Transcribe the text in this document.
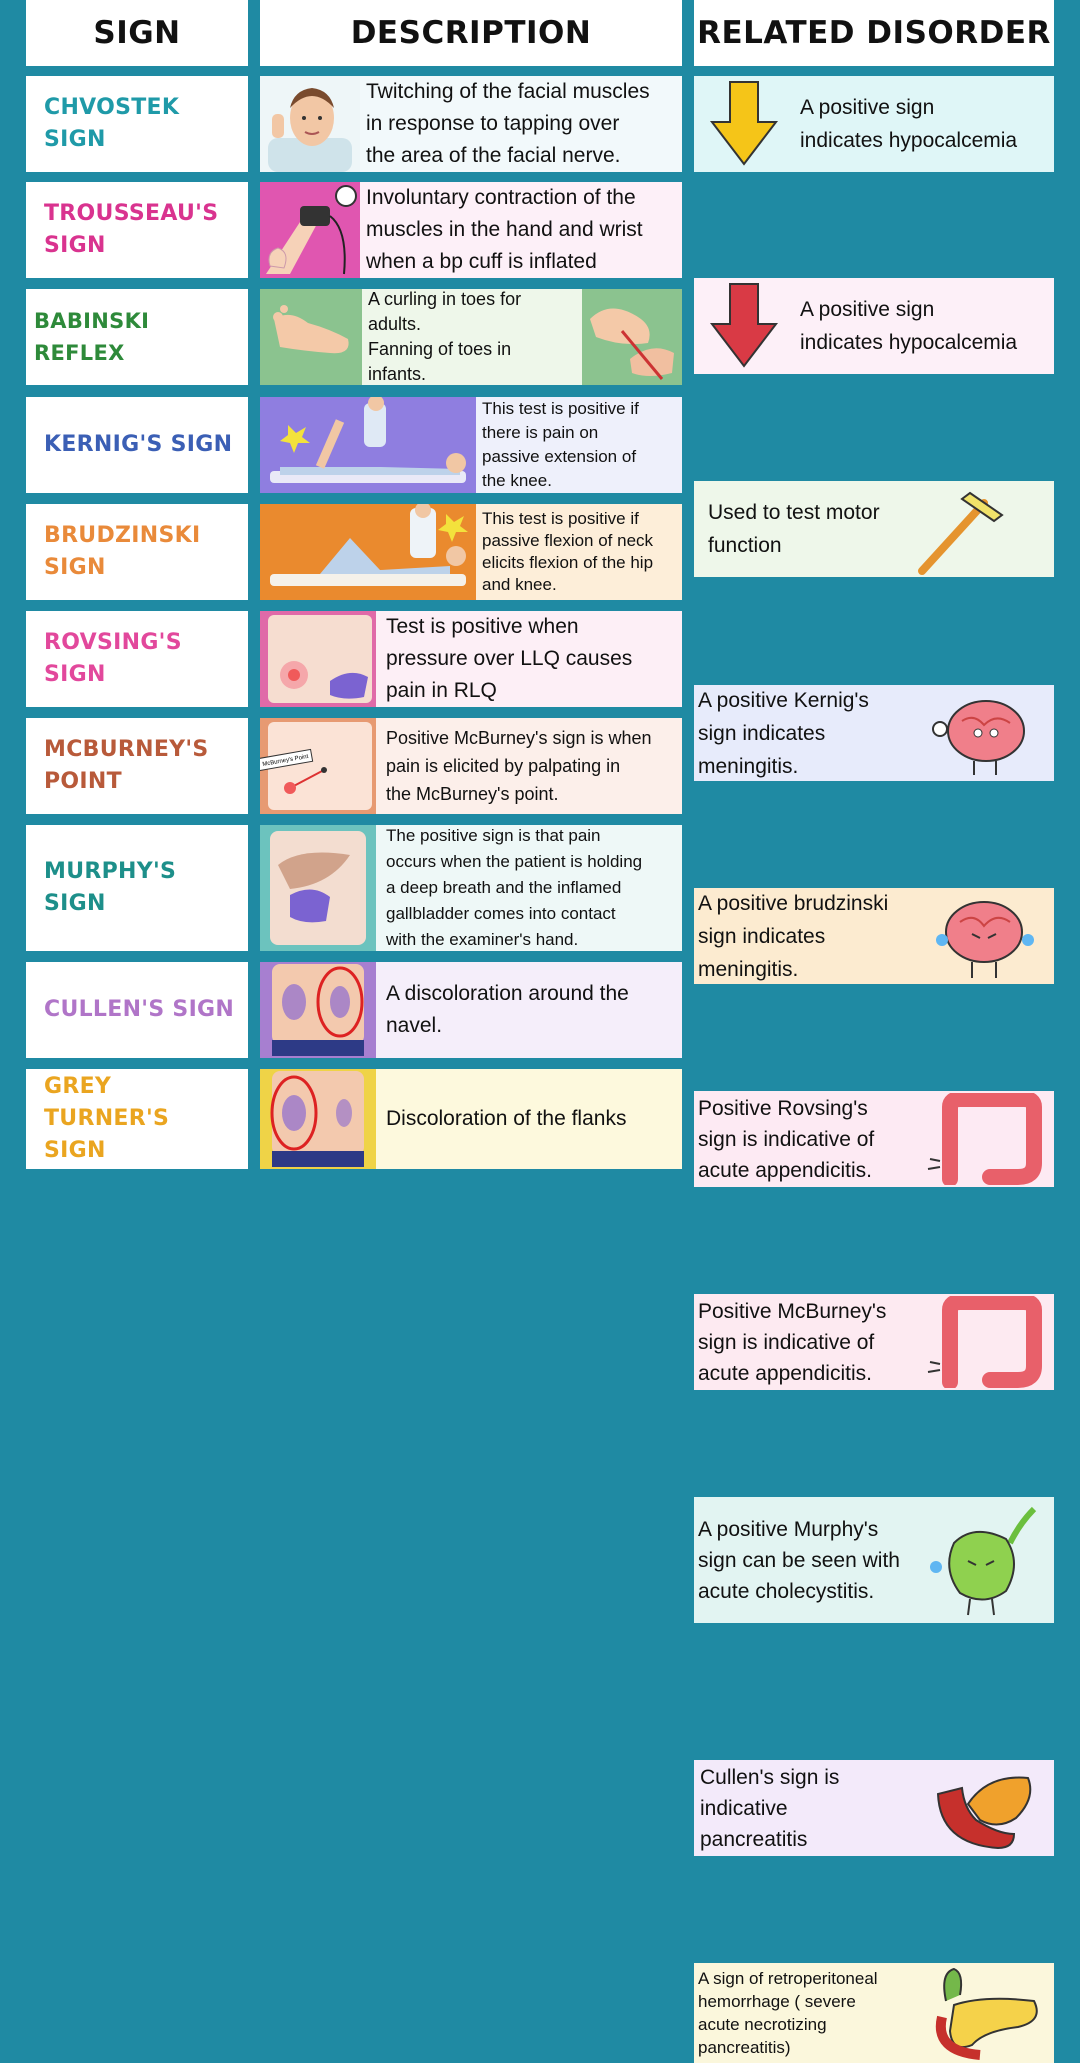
SIGN	DESCRIPTION	RELATED DISORDER
CHVOSTEK SIGN
Twitching of the facial muscles
in response to tapping over
the area of the facial nerve.
A positive sign
indicates hypocalcemia
TROUSSEAU'S
SIGN
Involuntary contraction of the
muscles in the hand and wrist
when a bp cuff is inflated
A positive sign
indicates hypocalcemia
BABINSKI REFLEX
A curling in toes for
adults.
Fanning of toes in
infants.
Used to test motor
function
KERNIG'S SIGN
This test is positive if
there is pain on
passive extension of
the knee.
A positive Kernig's
sign indicates
meningitis.
BRUDZINSKI
SIGN
This test is positive if
passive flexion of neck
elicits flexion of the hip
and knee.
A positive brudzinski
sign indicates
meningitis.
ROVSING'S SIGN
Test is positive when
pressure over LLQ causes
pain in RLQ
Positive Rovsing's
sign is indicative of
acute appendicitis.
MCBURNEY'S
POINT
McBurney's Point
Positive McBurney's sign is when
pain is elicited by palpating in
the McBurney's point.
Positive McBurney's
sign is indicative of
acute appendicitis.
MURPHY'S SIGN
The positive sign is that pain
occurs when the patient is holding
a deep breath and the inflamed
gallbladder comes into contact
with the examiner's hand.
A positive Murphy's
sign can be seen with
acute cholecystitis.
CULLEN'S SIGN
A discoloration around the
navel.
Cullen's sign is
indicative
pancreatitis
GREY TURNER'S
SIGN
Discoloration of the flanks
A sign of retroperitoneal
hemorrhage ( severe
acute necrotizing
pancreatitis)
